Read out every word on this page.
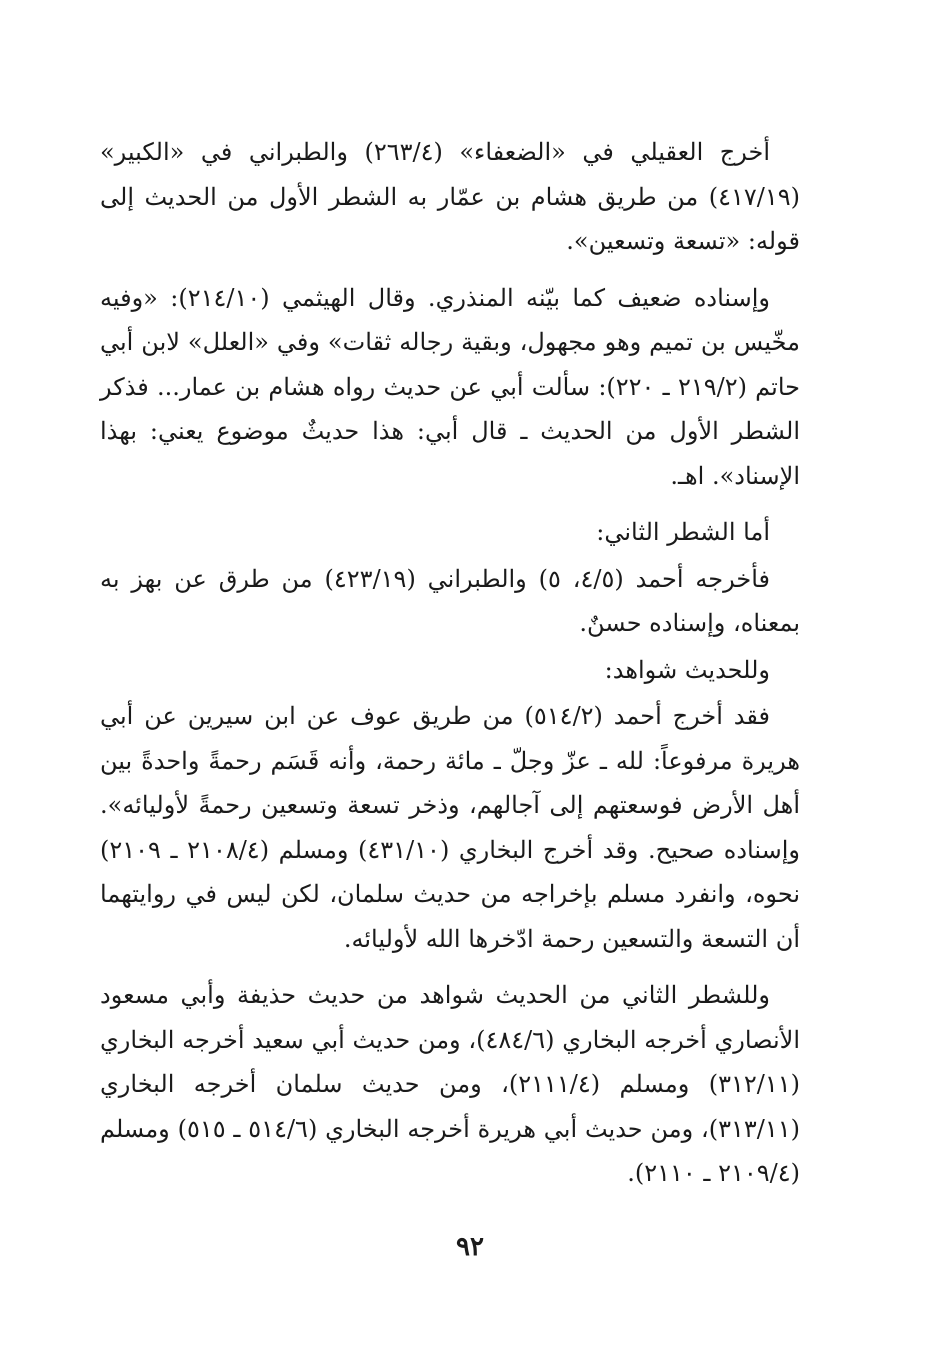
أخرج العقيلي في «الضعفاء» (٢٦٣/٤) والطبراني في «الكبير» (٤١٧/١٩) من طريق هشام بن عمّار به الشطر الأول من الحديث إلى قوله: «تسعة وتسعين».

وإسناده ضعيف كما بيّنه المنذري. وقال الهيثمي (٢١٤/١٠): «وفيه مخّيس بن تميم وهو مجهول، وبقية رجاله ثقات» وفي «العلل» لابن أبي حاتم (٢١٩/٢ ـ ٢٢٠): سألت أبي عن حديث رواه هشام بن عمار... فذكر الشطر الأول من الحديث ـ قال أبي: هذا حديثٌ موضوع يعني: بهذا الإسناد». اهـ.

أما الشطر الثاني:

فأخرجه أحمد (٤/٥، ٥) والطبراني (٤٢٣/١٩) من طرق عن بهز به بمعناه، وإسناده حسنٌ.

وللحديث شواهد:

فقد أخرج أحمد (٥١٤/٢) من طريق عوف عن ابن سيرين عن أبي هريرة مرفوعاً: لله ـ عزّ وجلّ ـ مائة رحمة، وأنه قَسَم رحمةً واحدةً بين أهل الأرض فوسعتهم إلى آجالهم، وذخر تسعة وتسعين رحمةً لأوليائه». وإسناده صحيح. وقد أخرج البخاري (٤٣١/١٠) ومسلم (٢١٠٨/٤ ـ ٢١٠٩) نحوه، وانفرد مسلم بإخراجه من حديث سلمان، لكن ليس في روايتهما أن التسعة والتسعين رحمة ادّخرها الله لأوليائه.

وللشطر الثاني من الحديث شواهد من حديث حذيفة وأبي مسعود الأنصاري أخرجه البخاري (٤٨٤/٦)، ومن حديث أبي سعيد أخرجه البخاري (٣١٢/١١) ومسلم (٢١١١/٤)، ومن حديث سلمان أخرجه البخاري (٣١٣/١١)، ومن حديث أبي هريرة أخرجه البخاري (٥١٤/٦ ـ ٥١٥) ومسلم (٢١٠٩/٤ ـ ٢١١٠).

٩٢
